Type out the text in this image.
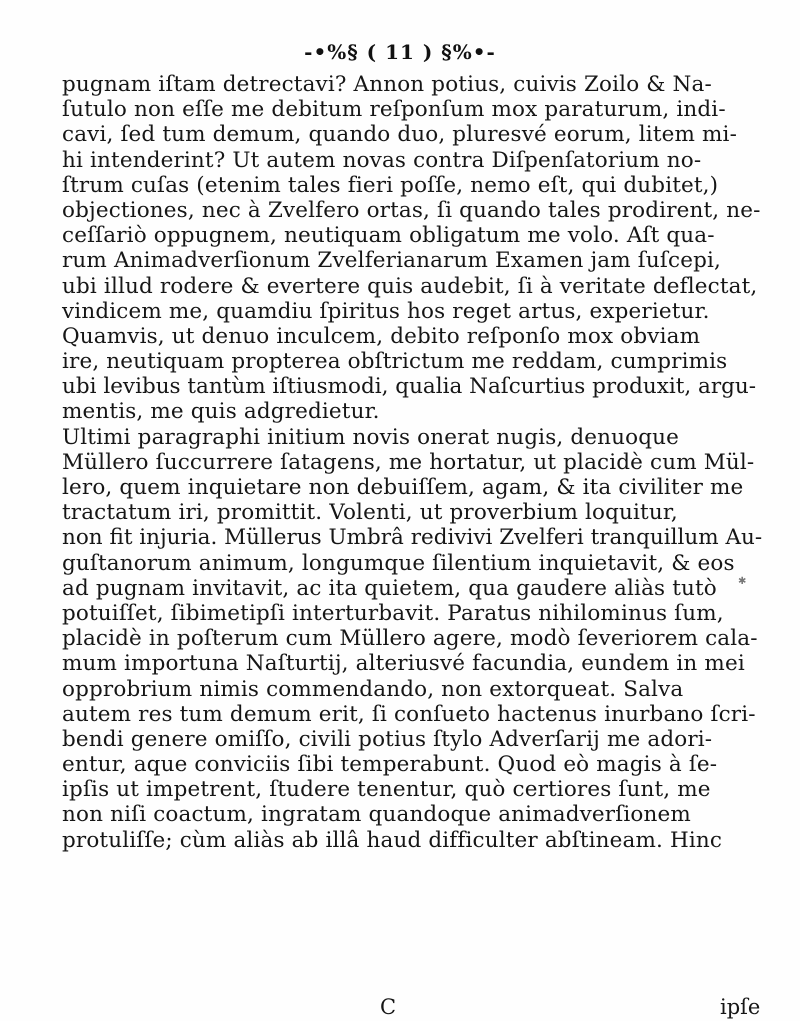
-•%§ ( 11 ) §%•-
pugnam iſtam detrectavi? Annon potius, cuivis Zoilo & Na-
ſutulo non eſſe me debitum reſponſum mox paraturum, indi-
cavi, ſed tum demum, quando duo, pluresvé eorum, litem mi-
hi intenderint? Ut autem novas contra Diſpenſatorium no-
ſtrum cuſas (etenim tales fieri poſſe, nemo eſt, qui dubitet,)
objectiones, nec à Zvelfero ortas, ſi quando tales prodirent, ne-
ceſſariò oppugnem, neutiquam obligatum me volo. Aſt qua-
rum Animadverſionum Zvelferianarum Examen jam ſuſcepi,
ubi illud rodere & evertere quis audebit, ſi à veritate deflectat,
vindicem me, quamdiu ſpiritus hos reget artus, experietur.
Quamvis, ut denuo inculcem, debito reſponſo mox obviam
ire, neutiquam propterea obſtrictum me reddam, cumprimis
ubi levibus tantùm iſtiusmodi, qualia Naſcurtius produxit, argu-
mentis, me quis adgredietur.
Ultimi paragraphi initium novis onerat nugis, denuoque
Müllero ſuccurrere ſatagens, me hortatur, ut placidè cum Mül-
lero, quem inquietare non debuiſſem, agam, & ita civiliter me
tractatum iri, promittit. Volenti, ut proverbium loquitur,
non fit injuria. Müllerus Umbrâ redivivi Zvelferi tranquillum Au-
guſtanorum animum, longumque ſilentium inquietavit, & eos
ad pugnam invitavit, ac ita quietem, qua gaudere aliàs tutò
potuiſſet, ſibimetipſi interturbavit. Paratus nihilominus ſum,
placidè in poſterum cum Müllero agere, modò ſeveriorem cala-
mum importuna Naſturtij, alteriusvé facundia, eundem in mei
opprobrium nimis commendando, non extorqueat. Salva
autem res tum demum erit, ſi conſueto hactenus inurbano ſcri-
bendi genere omiſſo, civili potius ſtylo Adverſarij me adori-
entur, aque conviciis ſibi temperabunt. Quod eò magis à ſe-
ipſis ut impetrent, ſtudere tenentur, quò certiores ſunt, me
non niſi coactum, ingratam quandoque animadverſionem
protuliſſe; cùm aliàs ab illâ haud difficulter abſtineam. Hinc
C	ipſe
✱
